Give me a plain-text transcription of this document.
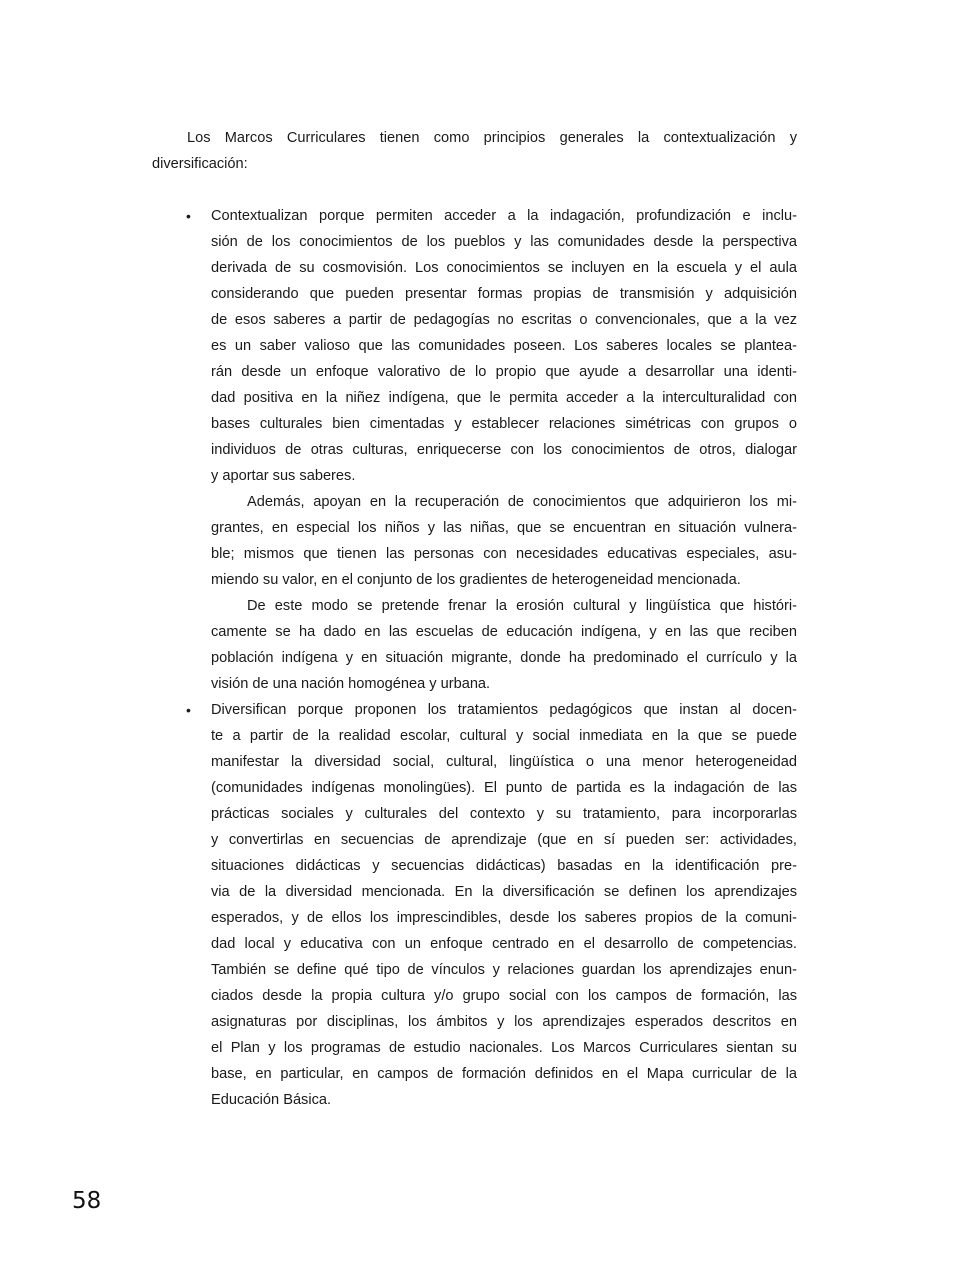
Los Marcos Curriculares tienen como principios generales la contextualización y
diversificación:
• Contextualizan porque permiten acceder a la indagación, profundización e inclu-
sión de los conocimientos de los pueblos y las comunidades desde la perspectiva
derivada de su cosmovisión. Los conocimientos se incluyen en la escuela y el aula
considerando que pueden presentar formas propias de transmisión y adquisición
de esos saberes a partir de pedagogías no escritas o convencionales, que a la vez
es un saber valioso que las comunidades poseen. Los saberes locales se plantea-
rán desde un enfoque valorativo de lo propio que ayude a desarrollar una identi-
dad positiva en la niñez indígena, que le permita acceder a la interculturalidad con
bases culturales bien cimentadas y establecer relaciones simétricas con grupos o
individuos de otras culturas, enriquecerse con los conocimientos de otros, dialogar
y aportar sus saberes.
Además, apoyan en la recuperación de conocimientos que adquirieron los mi-
grantes, en especial los niños y las niñas, que se encuentran en situación vulnera-
ble; mismos que tienen las personas con necesidades educativas especiales, asu-
miendo su valor, en el conjunto de los gradientes de heterogeneidad mencionada.
De este modo se pretende frenar la erosión cultural y lingüística que históri-
camente se ha dado en las escuelas de educación indígena, y en las que reciben
población indígena y en situación migrante, donde ha predominado el currículo y la
visión de una nación homogénea y urbana.
• Diversifican porque proponen los tratamientos pedagógicos que instan al docen-
te a partir de la realidad escolar, cultural y social inmediata en la que se puede
manifestar la diversidad social, cultural, lingüística o una menor heterogeneidad
(comunidades indígenas monolingües). El punto de partida es la indagación de las
prácticas sociales y culturales del contexto y su tratamiento, para incorporarlas
y convertirlas en secuencias de aprendizaje (que en sí pueden ser: actividades,
situaciones didácticas y secuencias didácticas) basadas en la identificación pre-
via de la diversidad mencionada. En la diversificación se definen los aprendizajes
esperados, y de ellos los imprescindibles, desde los saberes propios de la comuni-
dad local y educativa con un enfoque centrado en el desarrollo de competencias.
También se define qué tipo de vínculos y relaciones guardan los aprendizajes enun-
ciados desde la propia cultura y/o grupo social con los campos de formación, las
asignaturas por disciplinas, los ámbitos y los aprendizajes esperados descritos en
el Plan y los programas de estudio nacionales. Los Marcos Curriculares sientan su
base, en particular, en campos de formación definidos en el Mapa curricular de la
Educación Básica.
58
